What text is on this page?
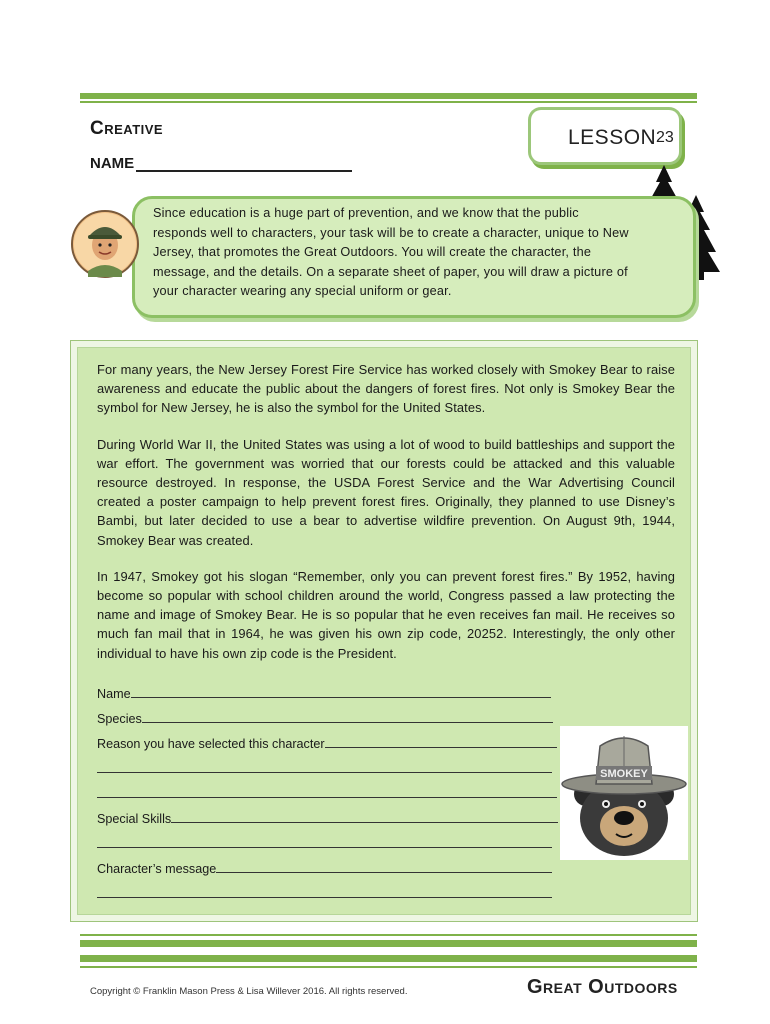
Creative
NAME
LESSON 23
Since education is a huge part of prevention, and we know that the public responds well to characters, your task will be to create a character, unique to New Jersey, that promotes the Great Outdoors. You will create the character, the message, and the details. On a separate sheet of paper, you will draw a picture of your character wearing any special uniform or gear.

For many years, the New Jersey Forest Fire Service has worked closely with Smokey Bear to raise awareness and educate the public about the dangers of forest fires. Not only is Smokey Bear the symbol for New Jersey, he is also the symbol for the United States.

During World War II, the United States was using a lot of wood to build battleships and support the war effort. The government was worried that our forests could be attacked and this valuable resource destroyed. In response, the USDA Forest Service and the War Advertising Council created a poster campaign to help prevent forest fires. Originally, they planned to use Disney’s Bambi, but later decided to use a bear to advertise wildfire prevention. On August 9th, 1944, Smokey Bear was created.

In 1947, Smokey got his slogan “Remember, only you can prevent forest fires.” By 1952, having become so popular with school children around the world, Congress passed a law protecting the name and image of Smokey Bear. He is so popular that he even receives fan mail. He receives so much fan mail that in 1964, he was given his own zip code, 20252. Interestingly, the only other individual to have his own zip code is the President.

Name
Species
Reason you have selected this character
Special Skills
Character’s message
SMOKEY
Copyright © Franklin Mason Press & Lisa Willever 2016. All rights reserved.	Great Outdoors
